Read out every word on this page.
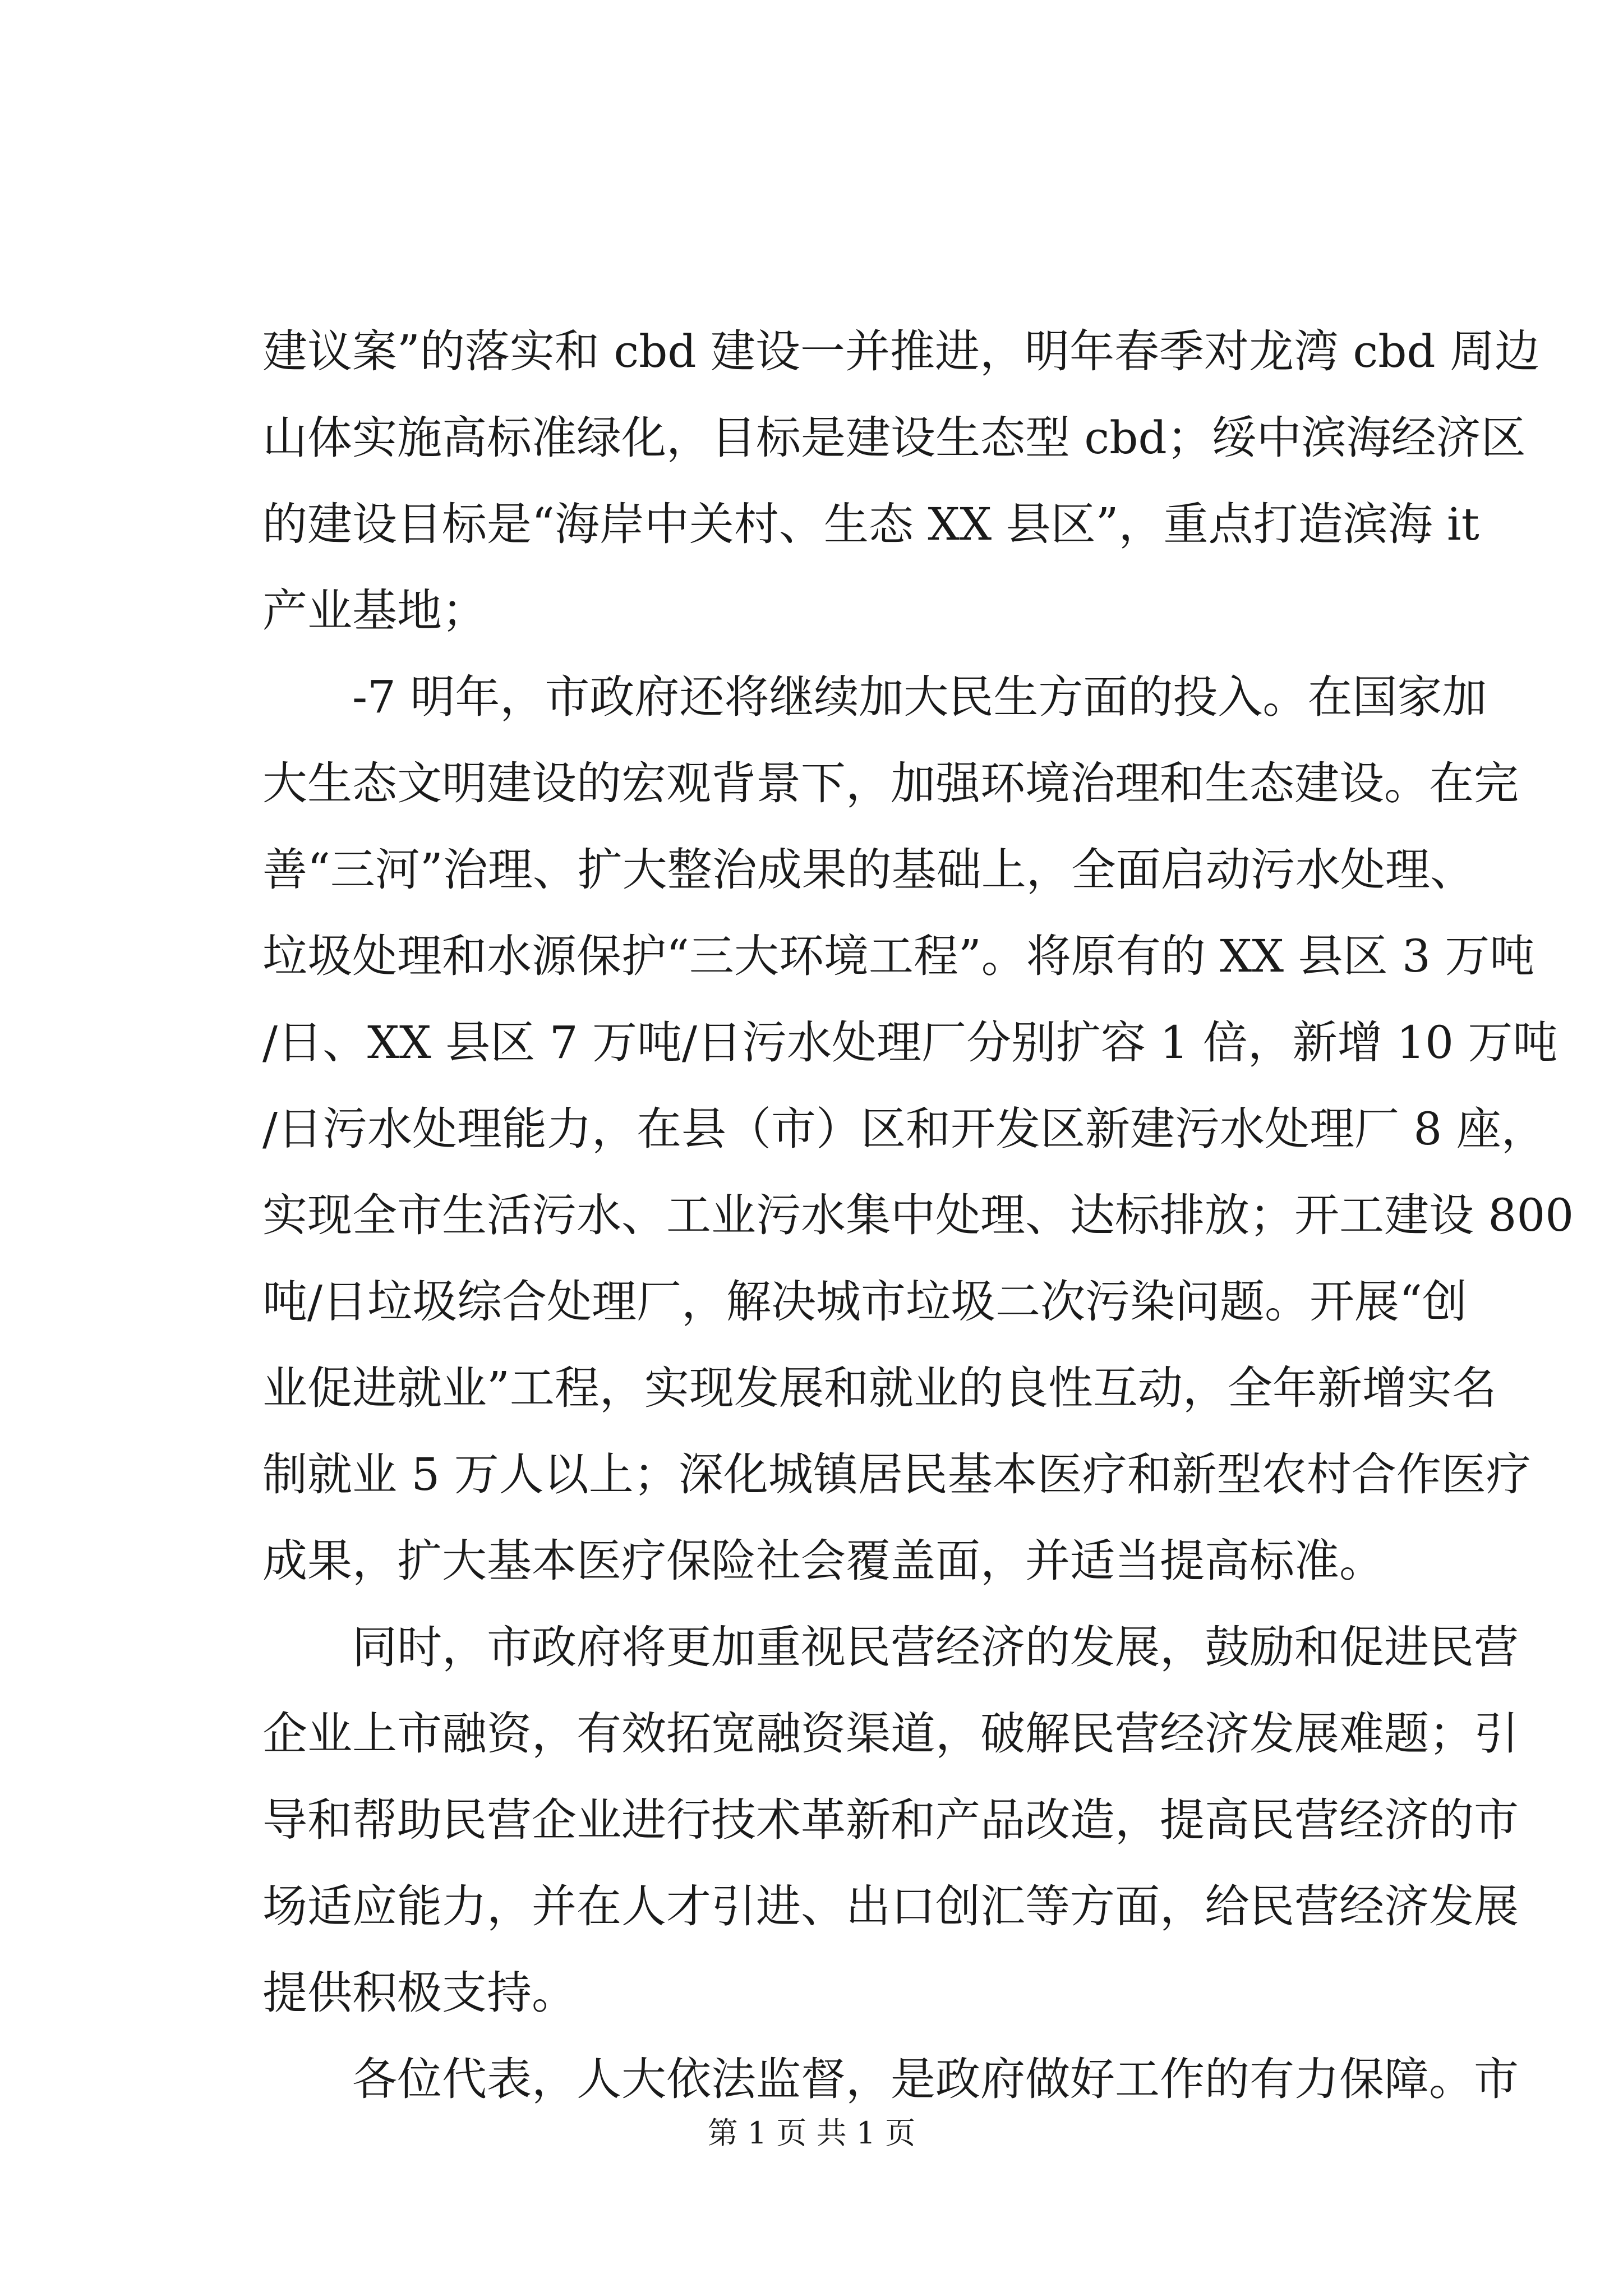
建议案”的落实和 cbd 建设一并推进，明年春季对龙湾 cbd 周边
山体实施高标准绿化，目标是建设生态型 cbd；绥中滨海经济区
的建设目标是“海岸中关村、生态 XX 县区”，重点打造滨海 it
产业基地；
-7 明年，市政府还将继续加大民生方面的投入。在国家加
大生态文明建设的宏观背景下，加强环境治理和生态建设。在完
善“三河”治理、扩大整治成果的基础上，全面启动污水处理、
垃圾处理和水源保护“三大环境工程”。将原有的 XX 县区 3 万吨
/日、XX 县区 7 万吨/日污水处理厂分别扩容 1 倍，新增 10 万吨
/日污水处理能力，在县（市）区和开发区新建污水处理厂 8 座，
实现全市生活污水、工业污水集中处理、达标排放；开工建设 800
吨/日垃圾综合处理厂，解决城市垃圾二次污染问题。开展“创
业促进就业”工程，实现发展和就业的良性互动，全年新增实名
制就业 5 万人以上；深化城镇居民基本医疗和新型农村合作医疗
成果，扩大基本医疗保险社会覆盖面，并适当提高标准。
同时，市政府将更加重视民营经济的发展，鼓励和促进民营
企业上市融资，有效拓宽融资渠道，破解民营经济发展难题；引
导和帮助民营企业进行技术革新和产品改造，提高民营经济的市
场适应能力，并在人才引进、出口创汇等方面，给民营经济发展
提供积极支持。
各位代表，人大依法监督，是政府做好工作的有力保障。市
第 1 页 共 1 页
